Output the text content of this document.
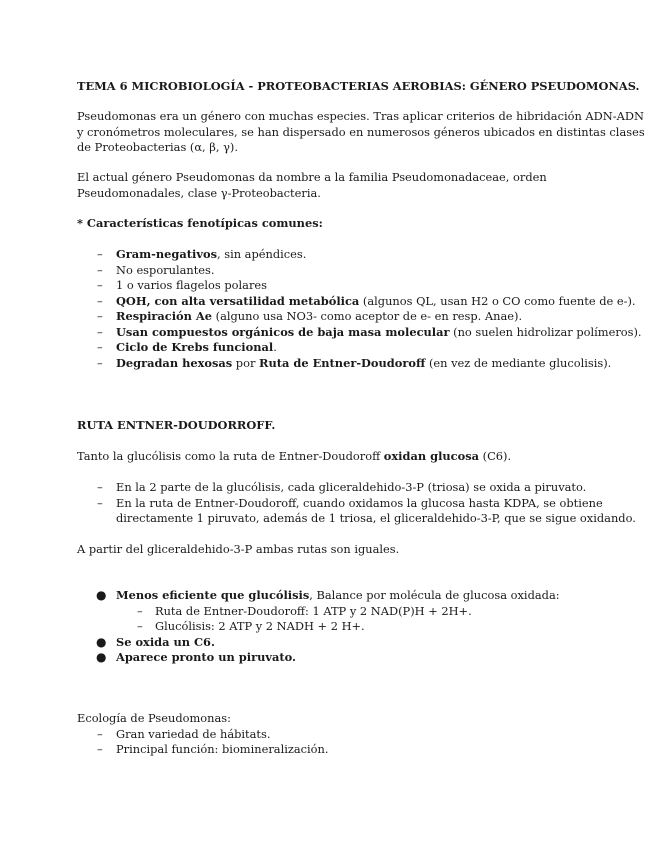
TEMA 6 MICROBIOLOGÍA - PROTEOBACTERIAS AEROBIAS: GÉNERO PSEUDOMONAS.
Pseudomonas era un género con muchas especies. Tras aplicar criterios de hibridación ADN-ADN
y cronómetros moleculares, se han dispersado en numerosos géneros ubicados en distintas clases
de Proteobacterias (α, β, γ).
El actual género Pseudomonas da nombre a la familia Pseudomonadaceae, orden
Pseudomonadales, clase γ-Proteobacteria.
* Características fenotípicas comunes:
– Gram-negativos, sin apéndices.
– No esporulantes.
– 1 o varios flagelos polares
– QOH, con alta versatilidad metabólica (algunos QL, usan H2 o CO como fuente de e-).
– Respiración Ae (alguno usa NO3- como aceptor de e- en resp. Anae).
– Usan compuestos orgánicos de baja masa molecular (no suelen hidrolizar polímeros).
– Ciclo de Krebs funcional.
– Degradan hexosas por Ruta de Entner-Doudoroff (en vez de mediante glucolisis).
RUTA ENTNER-DOUDORROFF.
Tanto la glucólisis como la ruta de Entner-Doudoroff oxidan glucosa (C6).
– En la 2 parte de la glucólisis, cada gliceraldehido-3-P (triosa) se oxida a piruvato.
– En la ruta de Entner-Doudoroff, cuando oxidamos la glucosa hasta KDPA, se obtiene
directamente 1 piruvato, además de 1 triosa, el gliceraldehido-3-P, que se sigue oxidando.
A partir del gliceraldehido-3-P ambas rutas son iguales.
● Menos eficiente que glucólisis, Balance por molécula de glucosa oxidada:
– Ruta de Entner-Doudoroff: 1 ATP y 2 NAD(P)H + 2H+.
– Glucólisis: 2 ATP y 2 NADH + 2 H+.
● Se oxida un C6.
● Aparece pronto un piruvato.
Ecología de Pseudomonas:
– Gran variedad de hábitats.
– Principal función: biomineralización.
